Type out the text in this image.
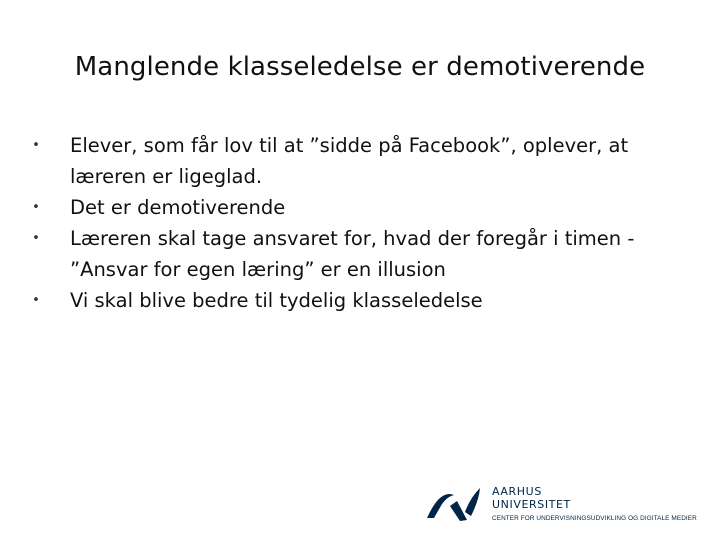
Manglende klasseledelse er demotiverende
• Elever, som får lov til at ”sidde på Facebook”, oplever, at
læreren er ligeglad.
• Det er demotiverende
• Læreren skal tage ansvaret for, hvad der foregår i timen -
”Ansvar for egen læring” er en illusion
• Vi skal blive bedre til tydelig klasseledelse
AARHUS
UNIVERSITET
CENTER FOR UNDERVISNINGSUDVIKLING OG DIGITALE MEDIER
